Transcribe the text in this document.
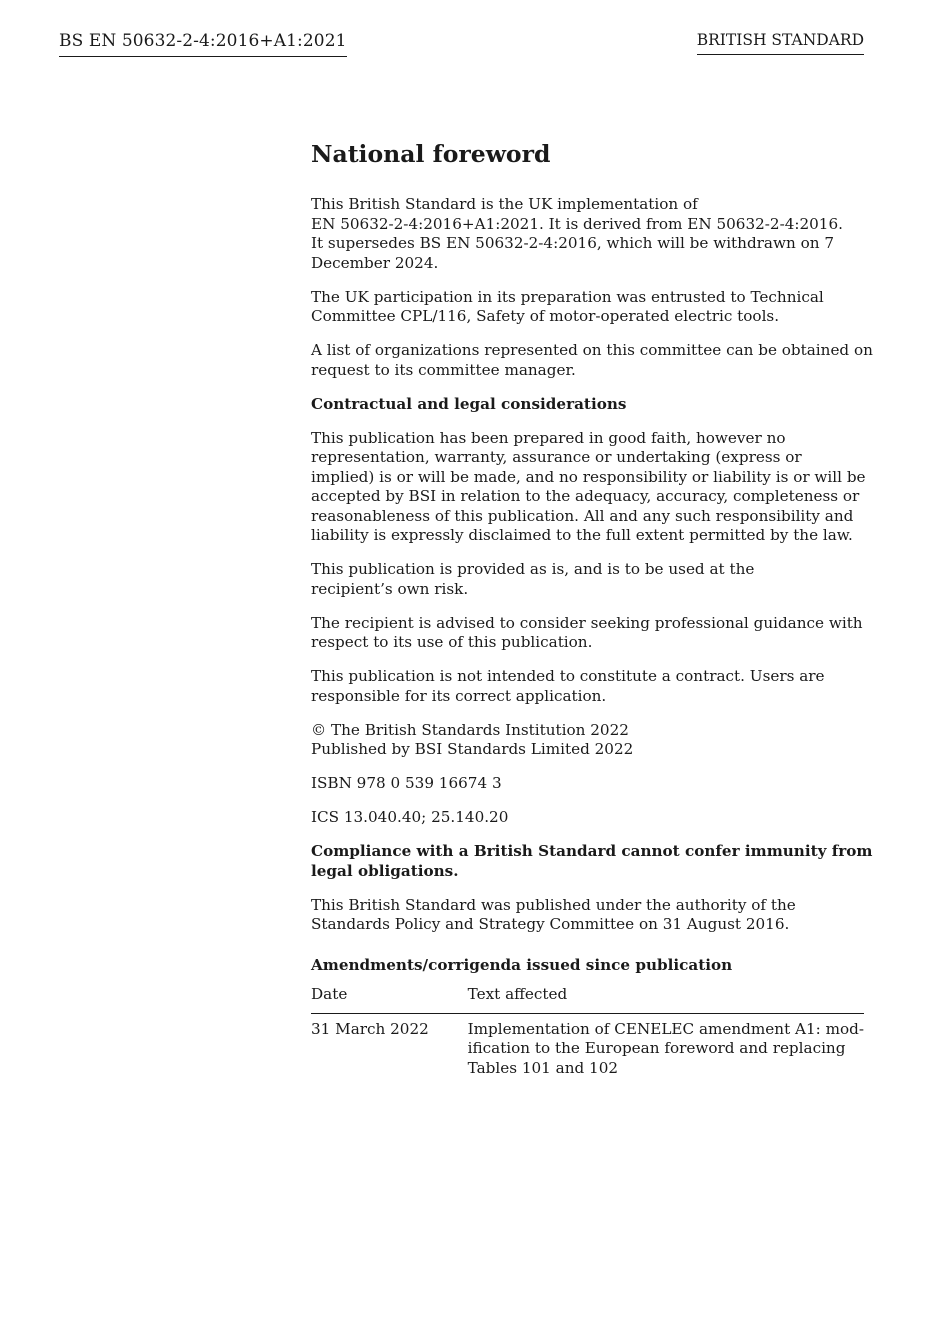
BS EN 50632-2-4:2016+A1:2021	BRITISH STANDARD
National foreword

This British Standard is the UK implementation of
EN 50632-2-4:2016+A1:2021. It is derived from EN 50632-2-4:2016.
It supersedes BS EN 50632-2-4:2016, which will be withdrawn on 7
December 2024.

The UK participation in its preparation was entrusted to Technical
Committee CPL/116, Safety of motor-operated electric tools.

A list of organizations represented on this committee can be obtained on
request to its committee manager.

Contractual and legal considerations

This publication has been prepared in good faith, however no
representation, warranty, assurance or undertaking (express or
implied) is or will be made, and no responsibility or liability is or will be
accepted by BSI in relation to the adequacy, accuracy, completeness or
reasonableness of this publication. All and any such responsibility and
liability is expressly disclaimed to the full extent permitted by the law.

This publication is provided as is, and is to be used at the
recipient’s own risk.

The recipient is advised to consider seeking professional guidance with
respect to its use of this publication.

This publication is not intended to constitute a contract. Users are
responsible for its correct application.

© The British Standards Institution 2022
Published by BSI Standards Limited 2022

ISBN 978 0 539 16674 3

ICS 13.040.40; 25.140.20

Compliance with a British Standard cannot confer immunity from
legal obligations.

This British Standard was published under the authority of the
Standards Policy and Strategy Committee on 31 August 2016.

Amendments/corrigenda issued since publication
Date	Text affected
31 March 2022	Implementation of CENELEC amendment A1: mod-
ification to the European foreword and replacing
Tables 101 and 102
